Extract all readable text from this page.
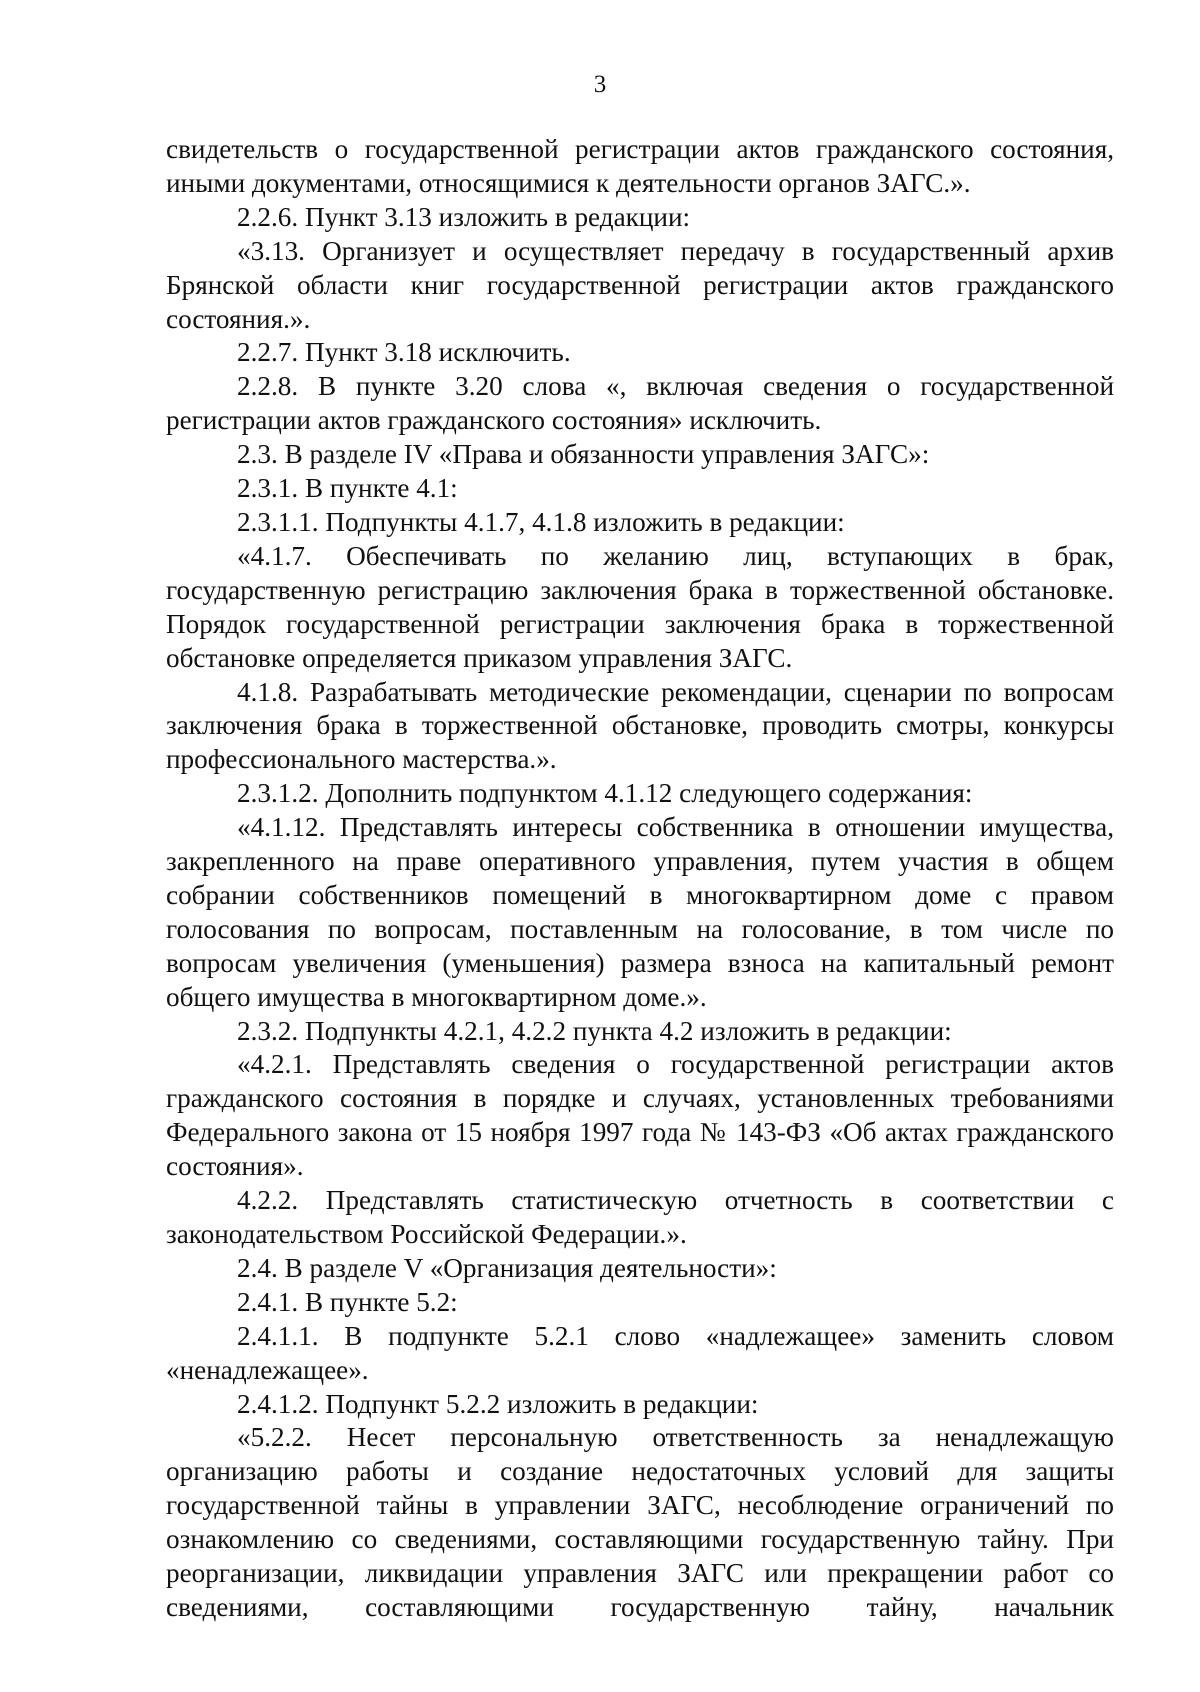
3

свидетельств о государственной регистрации актов гражданского состояния, иными документами, относящимися к деятельности органов ЗАГС.».

2.2.6. Пункт 3.13 изложить в редакции:

«3.13. Организует и осуществляет передачу в государственный архив Брянской области книг государственной регистрации актов гражданского состояния.».

2.2.7. Пункт 3.18 исключить.

2.2.8. В пункте 3.20 слова «, включая сведения о государственной регистрации актов гражданского состояния» исключить.

2.3. В разделе IV «Права и обязанности управления ЗАГС»:

2.3.1. В пункте 4.1:

2.3.1.1. Подпункты 4.1.7, 4.1.8 изложить в редакции:

«4.1.7. Обеспечивать по желанию лиц, вступающих в брак, государственную регистрацию заключения брака в торжественной обстановке. Порядок государственной регистрации заключения брака в торжественной обстановке определяется приказом управления ЗАГС.

4.1.8. Разрабатывать методические рекомендации, сценарии по вопросам заключения брака в торжественной обстановке, проводить смотры, конкурсы профессионального мастерства.».

2.3.1.2. Дополнить подпунктом 4.1.12 следующего содержания:

«4.1.12. Представлять интересы собственника в отношении имущества, закрепленного на праве оперативного управления, путем участия в общем собрании собственников помещений в многоквартирном доме с правом голосования по вопросам, поставленным на голосование, в том числе по вопросам увеличения (уменьшения) размера взноса на капитальный ремонт общего имущества в многоквартирном доме.».

2.3.2. Подпункты 4.2.1, 4.2.2 пункта 4.2 изложить в редакции:

«4.2.1. Представлять сведения о государственной регистрации актов гражданского состояния в порядке и случаях, установленных требованиями Федерального закона от 15 ноября 1997 года № 143-ФЗ «Об актах гражданского состояния».

4.2.2. Представлять статистическую отчетность в соответствии с законодательством Российской Федерации.».

2.4. В разделе V «Организация деятельности»:

2.4.1. В пункте 5.2:

2.4.1.1. В подпункте 5.2.1 слово «надлежащее» заменить словом «ненадлежащее».

2.4.1.2. Подпункт 5.2.2 изложить в редакции:

«5.2.2. Несет персональную ответственность за ненадлежащую организацию работы и создание недостаточных условий для защиты государственной тайны в управлении ЗАГС, несоблюдение ограничений по ознакомлению со сведениями, составляющими государственную тайну. При реорганизации, ликвидации управления ЗАГС или прекращении работ со сведениями, составляющими государственную тайну, начальник
